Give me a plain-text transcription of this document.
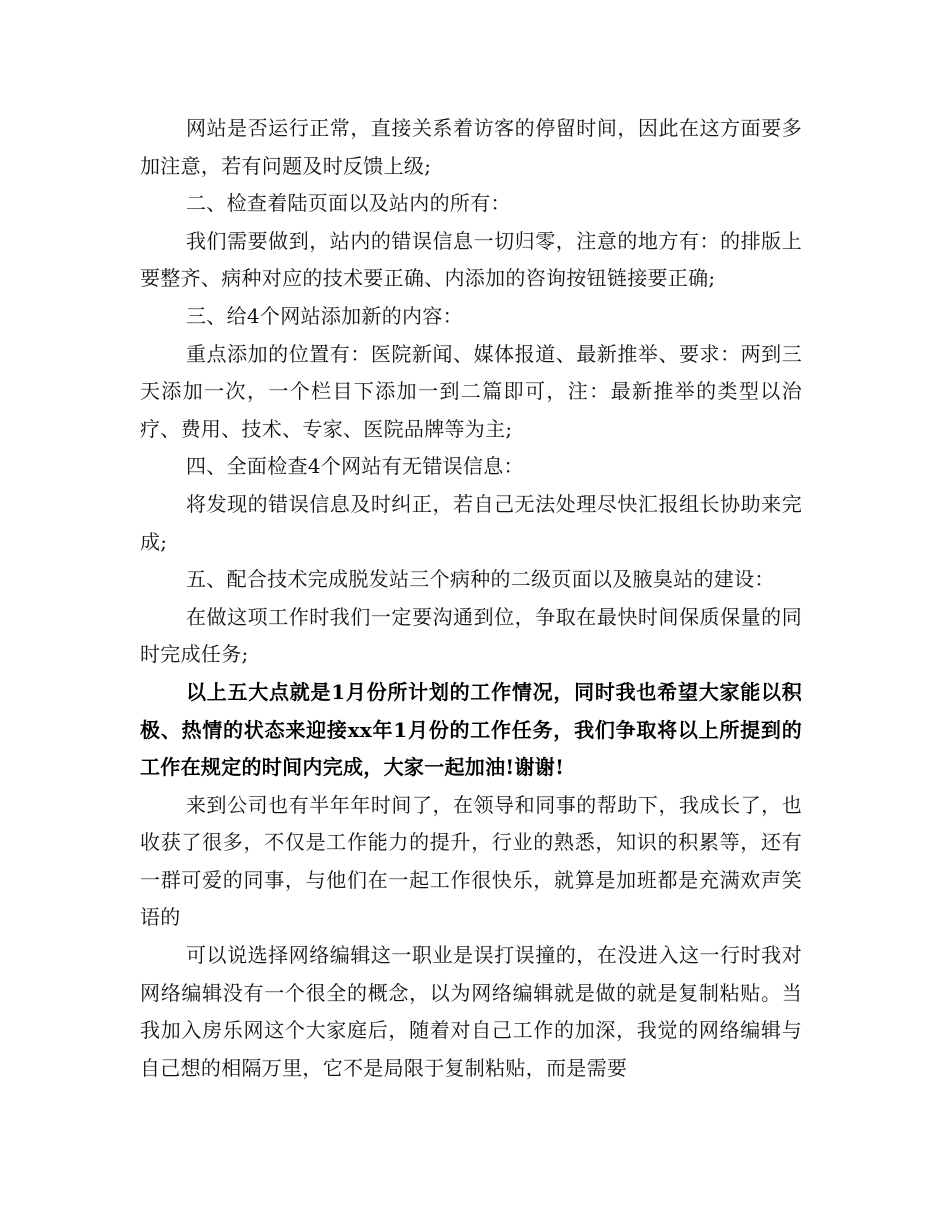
网站是否运行正常，直接关系着访客的停留时间，因此在这方面要多加注意，若有问题及时反馈上级;

二、检查着陆页面以及站内的所有：

我们需要做到，站内的错误信息一切归零，注意的地方有：的排版上要整齐、病种对应的技术要正确、内添加的咨询按钮链接要正确;

三、给4个网站添加新的内容：

重点添加的位置有：医院新闻、媒体报道、最新推举、要求：两到三天添加一次，一个栏目下添加一到二篇即可，注：最新推举的类型以治疗、费用、技术、专家、医院品牌等为主;

四、全面检查4个网站有无错误信息：

将发现的错误信息及时纠正，若自己无法处理尽快汇报组长协助来完成;

五、配合技术完成脱发站三个病种的二级页面以及腋臭站的建设：

在做这项工作时我们一定要沟通到位，争取在最快时间保质保量的同时完成任务;

以上五大点就是1月份所计划的工作情况，同时我也希望大家能以积极、热情的状态来迎接xx年1月份的工作任务，我们争取将以上所提到的工作在规定的时间内完成，大家一起加油!谢谢!

来到公司也有半年年时间了，在领导和同事的帮助下，我成长了，也收获了很多，不仅是工作能力的提升，行业的熟悉，知识的积累等，还有一群可爱的同事，与他们在一起工作很快乐，就算是加班都是充满欢声笑语的

可以说选择网络编辑这一职业是误打误撞的，在没进入这一行时我对网络编辑没有一个很全的概念，以为网络编辑就是做的就是复制粘贴。当我加入房乐网这个大家庭后，随着对自己工作的加深，我觉的网络编辑与自己想的相隔万里，它不是局限于复制粘贴，而是需要
